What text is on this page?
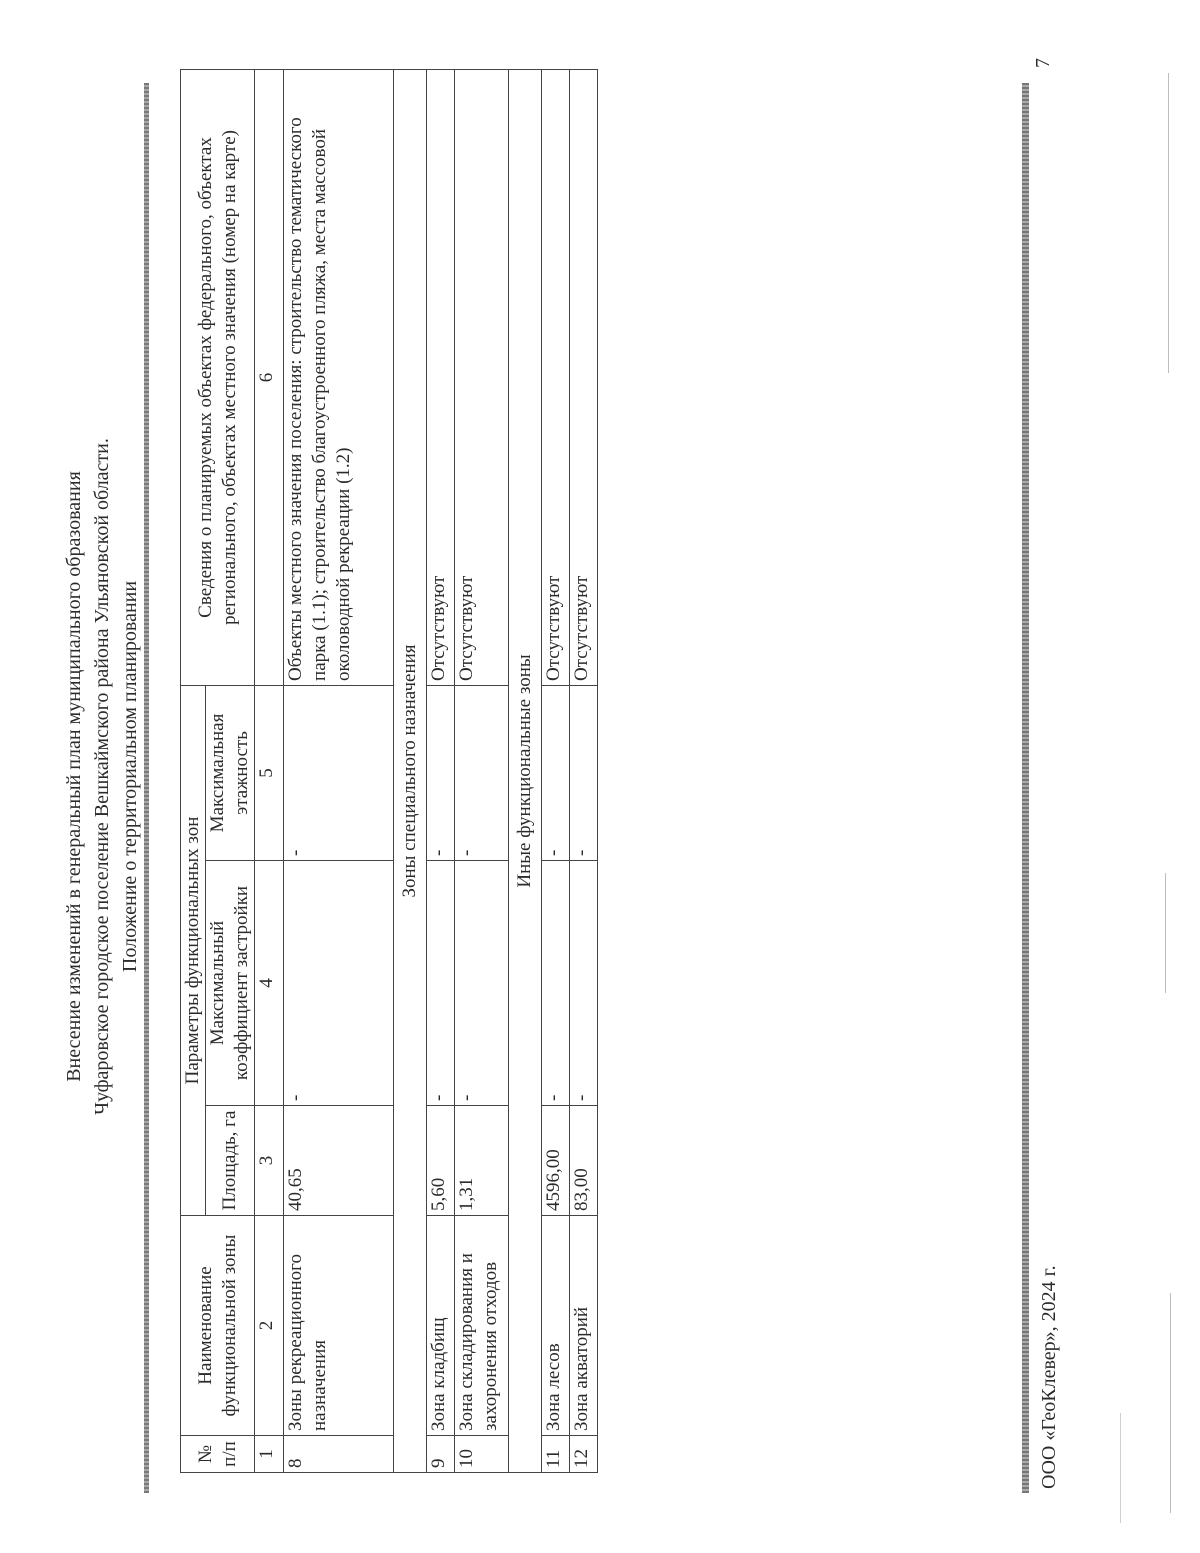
Внесение изменений в генеральный план муниципального образования Чуфаровское городское поселение Вешкаймского района Ульяновской области. Положение о территориальном планировании
№ п/п	Наименование функциональной зоны	Параметры функциональных зон			Сведения о планируемых объектах федерального, объектах регионального, объектах местного значения (номер на карте)
		Площадь, га	Максимальный коэффициент застройки	Максимальная этажность	
1	2	3	4	5	6
8	Зоны рекреационного назначения	40,65	-	-	Объекты местного значения поселения: строительство тематического парка (1.1); строительство благоустроенного пляжа, места массовой околоводной рекреации (1.2)
Зоны специального назначения					
9	Зона кладбищ	5,60	-	-	Отсутствуют
10	Зона складирования и захоронения отходов	1,31	-	-	Отсутствуют
Иные функциональные зоны					
11	Зона лесов	4596,00	-	-	Отсутствуют
12	Зона акваторий	83,00	-	-	Отсутствуют
ООО «ГеоКлевер», 2024 г.
7
